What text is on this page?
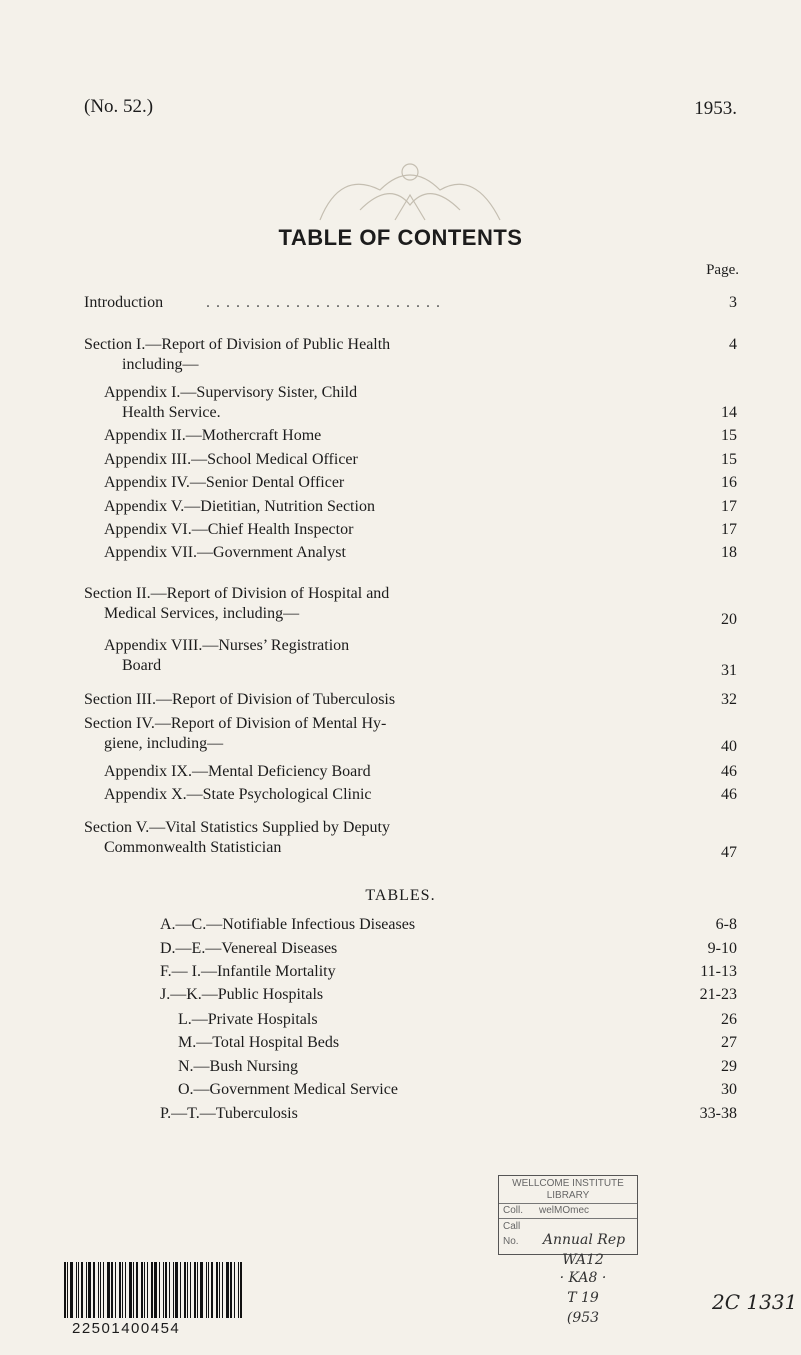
(No. 52.)	1953.
TABLE OF CONTENTS
Page.
Introduction	. . . . . . . . . . . . . . . . . . . . . . . .	3
Section I.—Report of Division of Public Health	4
including—
Appendix I.—Supervisory Sister, Child
Health Service.	14
Appendix II.—Mothercraft Home	15
Appendix III.—School Medical Officer	15
Appendix IV.—Senior Dental Officer	16
Appendix V.—Dietitian, Nutrition Section	17
Appendix VI.—Chief Health Inspector	17
Appendix VII.—Government Analyst	18
Section II.—Report of Division of Hospital and
Medical Services, including—	20
Appendix VIII.—Nurses’ Registration
Board	31
Section III.—Report of Division of Tuberculosis	32
Section IV.—Report of Division of Mental Hy-
giene, including—	40
Appendix IX.—Mental Deficiency Board	46
Appendix X.—State Psychological Clinic	46
Section V.—Vital Statistics Supplied by Deputy
Commonwealth Statistician	47
TABLES.
A.—C.—Notifiable Infectious Diseases	6-8
D.—E.—Venereal Diseases	9-10
F.— I.—Infantile Mortality	11-13
J.—K.—Public Hospitals	21-23
L.—Private Hospitals	26
M.—Total Hospital Beds	27
N.—Bush Nursing	29
O.—Government Medical Service	30
P.—T.—Tuberculosis	33-38
WELLCOME INSTITUTE
LIBRARY
Coll. welMOmec
Call
No. Annual Rep
WA12
· KA8 ·
T 19
(953
22501400454
2C 1331
